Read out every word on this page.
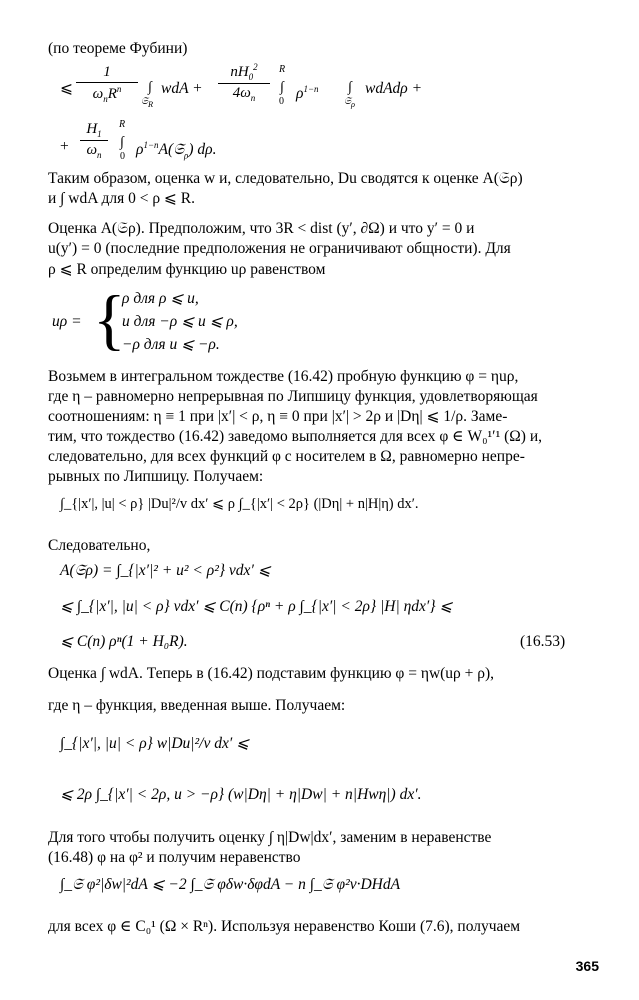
(по теореме Фубини)
⩽
1
$\omega_nR^n$	∫
𝔖$_R$
wdA +
$nH_0^2$
$4\omega_n$
R
∫
0 $\rho^{1-n}$ ∫
𝔖$_\rho$
wdAdρ +
+
$H_1$
$\omega_n$
R
∫
0 $\rho^{1-n}A(𝔖_\rho)$ dρ.
Таким образом, оценка w и, следовательно, Du сводятся к оценке A(𝔖ρ)
и ∫ wdA для 0 < ρ ⩽ R.
Оценка A(𝔖ρ). Предположим, что 3R < dist (y′, ∂Ω) и что y′ = 0 и
u(y′) = 0 (последние предположения не ограничивают общности). Для
ρ ⩽ R определим функцию uρ равенством
uρ = {
ρ для ρ ⩽ u,
u для −ρ ⩽ u ⩽ ρ,
−ρ для u ⩽ −ρ.
Возьмем в интегральном тождестве (16.42) пробную функцию φ = ηuρ,
где η – равномерно непрерывная по Липшицу функция, удовлетворяющая
соотношениям: η ≡ 1 при |x′| < ρ, η ≡ 0 при |x′| > 2ρ и |Dη| ⩽ 1/ρ. Заме-
тим, что тождество (16.42) заведомо выполняется для всех φ ∈ W₀¹′¹ (Ω) и,
следовательно, для всех функций φ с носителем в Ω, равномерно непре-
рывных по Липшицу. Получаем:
∫_{|x′|, |u| < ρ} |Du|²/v dx′ ⩽ ρ ∫_{|x′| < 2ρ} (|Dη| + n|H|η) dx′.
Следовательно,
A(𝔖ρ) = ∫_{|x′|² + u² < ρ²} vdx′ ⩽
⩽ ∫_{|x′|, |u| < ρ} vdx′ ⩽ C(n) {ρⁿ + ρ ∫_{|x′| < 2ρ} |H| ηdx′} ⩽
⩽ C(n) ρⁿ(1 + H₀R).	(16.53)
Оценка ∫ wdA. Теперь в (16.42) подставим функцию φ = ηw(uρ + ρ),
где η – функция, введенная выше. Получаем:
∫_{|x′|, |u| < ρ} w|Du|²/v dx′ ⩽
⩽ 2ρ ∫_{|x′| < 2ρ, u > −ρ} (w|Dη| + η|Dw| + n|Hwη|) dx′.
Для того чтобы получить оценку ∫ η|Dw|dx′, заменим в неравенстве
(16.48) φ на φ² и получим неравенство
∫_𝔖 φ²|δw|²dA ⩽ −2 ∫_𝔖 φδw·δφdA − n ∫_𝔖 φ²ν·DHdA
для всех φ ∈ C₀¹ (Ω × Rⁿ). Используя неравенство Коши (7.6), получаем
365
